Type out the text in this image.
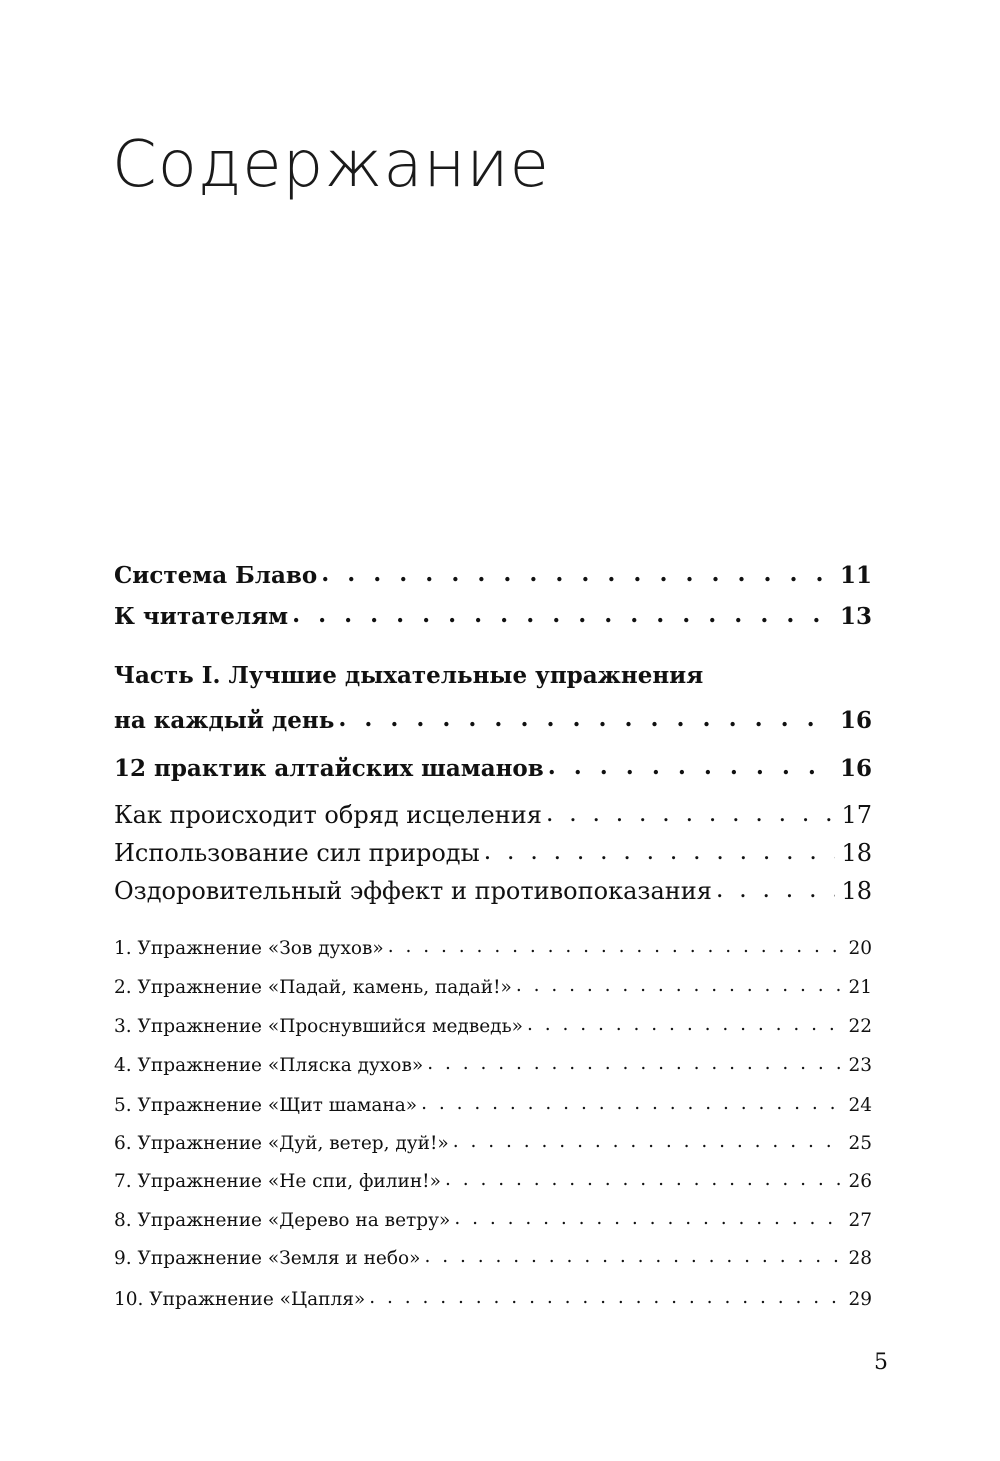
Содержание
Система Блаво . . .	11
К читателям . . .	13
Часть I. Лучшие дыхательные упражнения
на каждый день . . .	16
12 практик алтайских шаманов . . .	16
Как происходит обряд исцеления . . .	17
Использование сил природы . . .	18
Оздоровительный эффект и противопоказания . . .	18
1. Упражнение «Зов духов» . . .	20
2. Упражнение «Падай, камень, падай!» . . .	21
3. Упражнение «Проснувшийся медведь» . . .	22
4. Упражнение «Пляска духов» . . .	23
5. Упражнение «Щит шамана» . . .	24
6. Упражнение «Дуй, ветер, дуй!» . . .	25
7. Упражнение «Не спи, филин!» . . .	26
8. Упражнение «Дерево на ветру» . . .	27
9. Упражнение «Земля и небо» . . .	28
10. Упражнение «Цапля» . . .	29
5
